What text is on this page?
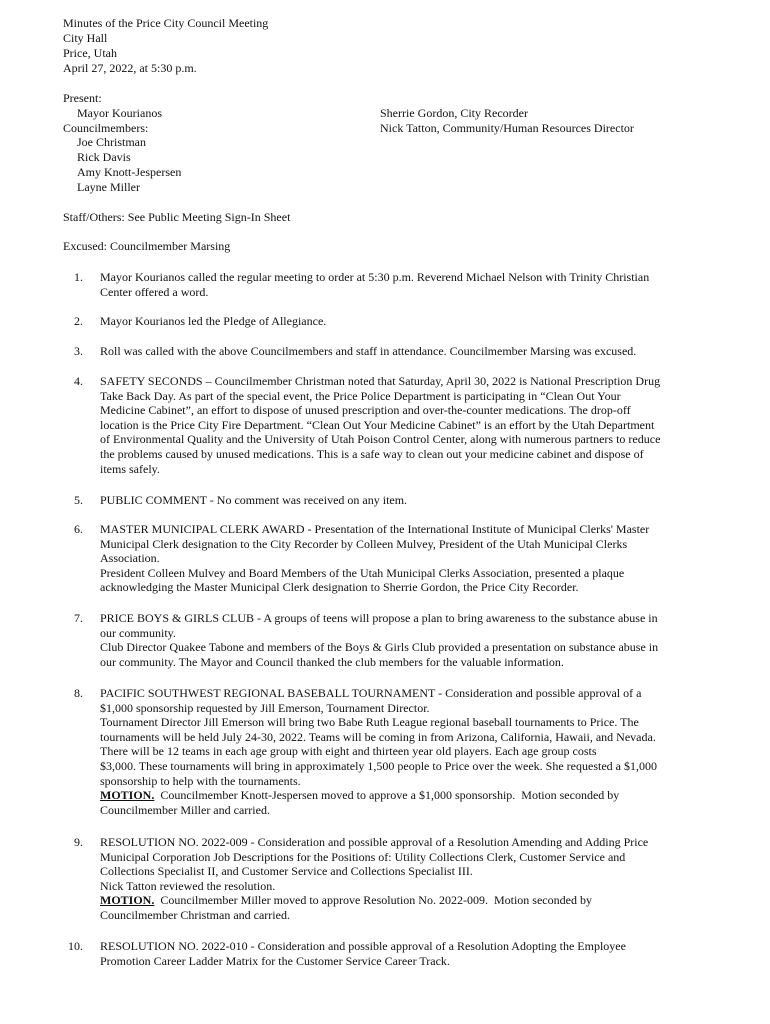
Minutes of the Price City Council Meeting
City Hall
Price, Utah
April 27, 2022, at 5:30 p.m.
Present:
Mayor Kourianos
Councilmembers:
Joe Christman
Rick Davis
Amy Knott-Jespersen
Layne Miller
Sherrie Gordon, City Recorder
Nick Tatton, Community/Human Resources Director
Staff/Others: See Public Meeting Sign-In Sheet
Excused: Councilmember Marsing
1. Mayor Kourianos called the regular meeting to order at 5:30 p.m. Reverend Michael Nelson with Trinity Christian
Center offered a word.
2. Mayor Kourianos led the Pledge of Allegiance.
3. Roll was called with the above Councilmembers and staff in attendance. Councilmember Marsing was excused.
4. SAFETY SECONDS – Councilmember Christman noted that Saturday, April 30, 2022 is National Prescription Drug
Take Back Day. As part of the special event, the Price Police Department is participating in “Clean Out Your
Medicine Cabinet”, an effort to dispose of unused prescription and over-the-counter medications. The drop-off
location is the Price City Fire Department. “Clean Out Your Medicine Cabinet” is an effort by the Utah Department
of Environmental Quality and the University of Utah Poison Control Center, along with numerous partners to reduce
the problems caused by unused medications. This is a safe way to clean out your medicine cabinet and dispose of
items safely.
5. PUBLIC COMMENT - No comment was received on any item.
6. MASTER MUNICIPAL CLERK AWARD - Presentation of the International Institute of Municipal Clerks' Master
Municipal Clerk designation to the City Recorder by Colleen Mulvey, President of the Utah Municipal Clerks
Association.
President Colleen Mulvey and Board Members of the Utah Municipal Clerks Association, presented a plaque
acknowledging the Master Municipal Clerk designation to Sherrie Gordon, the Price City Recorder.
7. PRICE BOYS & GIRLS CLUB - A groups of teens will propose a plan to bring awareness to the substance abuse in
our community.
Club Director Quakee Tabone and members of the Boys & Girls Club provided a presentation on substance abuse in
our community. The Mayor and Council thanked the club members for the valuable information.
8. PACIFIC SOUTHWEST REGIONAL BASEBALL TOURNAMENT - Consideration and possible approval of a
$1,000 sponsorship requested by Jill Emerson, Tournament Director.
Tournament Director Jill Emerson will bring two Babe Ruth League regional baseball tournaments to Price. The
tournaments will be held July 24-30, 2022. Teams will be coming in from Arizona, California, Hawaii, and Nevada.
There will be 12 teams in each age group with eight and thirteen year old players. Each age group costs
$3,000. These tournaments will bring in approximately 1,500 people to Price over the week. She requested a $1,000
sponsorship to help with the tournaments.
MOTION.  Councilmember Knott-Jespersen moved to approve a $1,000 sponsorship.  Motion seconded by
Councilmember Miller and carried.
9. RESOLUTION NO. 2022-009 - Consideration and possible approval of a Resolution Amending and Adding Price
Municipal Corporation Job Descriptions for the Positions of: Utility Collections Clerk, Customer Service and
Collections Specialist II, and Customer Service and Collections Specialist III.
Nick Tatton reviewed the resolution.
MOTION.  Councilmember Miller moved to approve Resolution No. 2022-009.  Motion seconded by
Councilmember Christman and carried.
10. RESOLUTION NO. 2022-010 - Consideration and possible approval of a Resolution Adopting the Employee
Promotion Career Ladder Matrix for the Customer Service Career Track.
